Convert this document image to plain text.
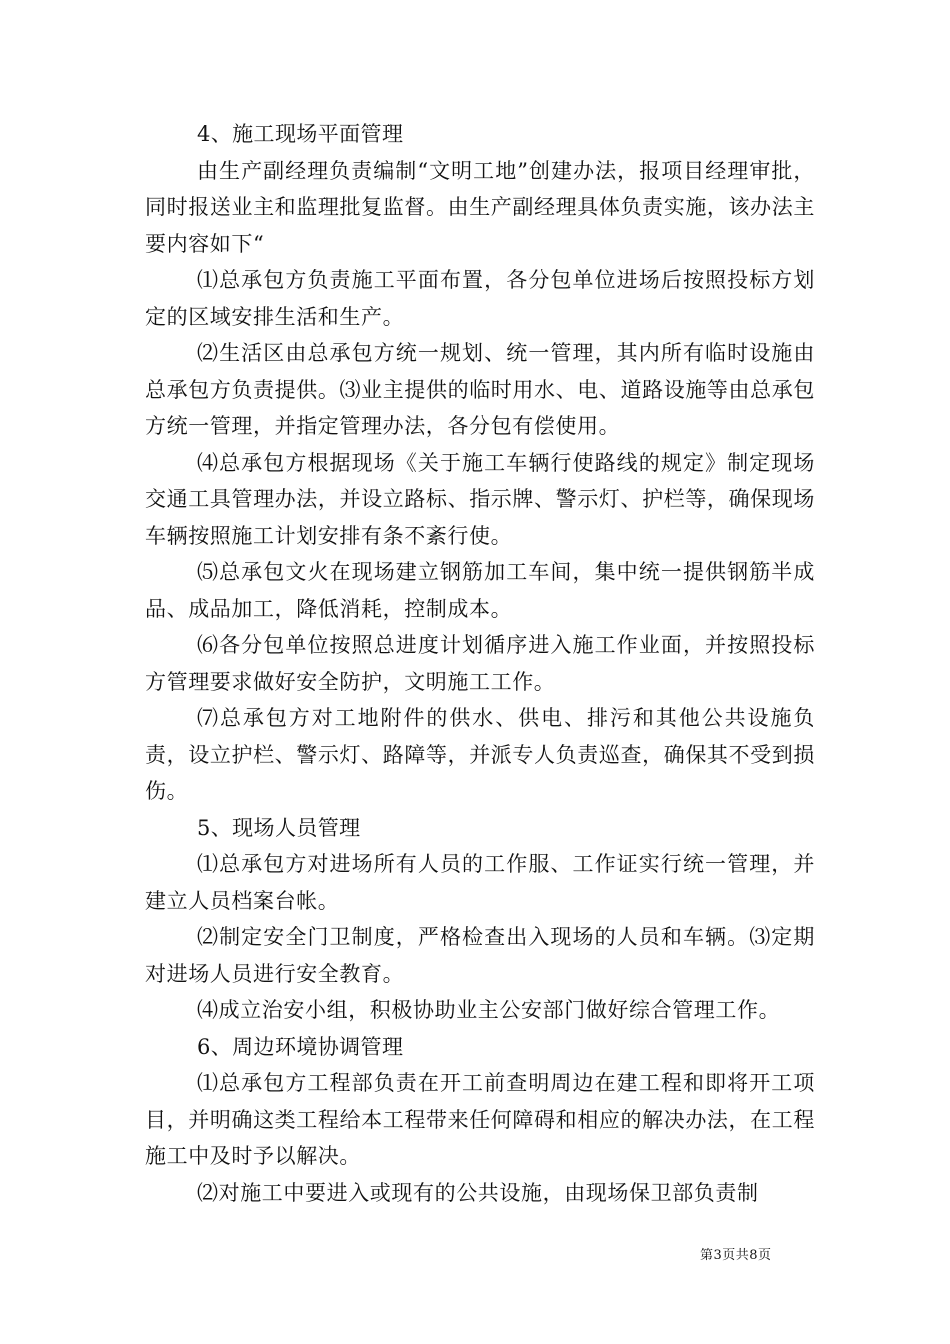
4、施工现场平面管理

由生产副经理负责编制“文明工地”创建办法，报项目经理审批，同时报送业主和监理批复监督。由生产副经理具体负责实施，该办法主要内容如下“

⑴总承包方负责施工平面布置，各分包单位进场后按照投标方划定的区域安排生活和生产。

⑵生活区由总承包方统一规划、统一管理，其内所有临时设施由总承包方负责提供。⑶业主提供的临时用水、电、道路设施等由总承包方统一管理，并指定管理办法，各分包有偿使用。

⑷总承包方根据现场《关于施工车辆行使路线的规定》制定现场交通工具管理办法，并设立路标、指示牌、警示灯、护栏等，确保现场车辆按照施工计划安排有条不紊行使。

⑸总承包文火在现场建立钢筋加工车间，集中统一提供钢筋半成品、成品加工，降低消耗，控制成本。

⑹各分包单位按照总进度计划循序进入施工作业面，并按照投标方管理要求做好安全防护，文明施工工作。

⑺总承包方对工地附件的供水、供电、排污和其他公共设施负责，设立护栏、警示灯、路障等，并派专人负责巡查，确保其不受到损伤。

5、现场人员管理

⑴总承包方对进场所有人员的工作服、工作证实行统一管理，并建立人员档案台帐。

⑵制定安全门卫制度，严格检查出入现场的人员和车辆。⑶定期对进场人员进行安全教育。

⑷成立治安小组，积极协助业主公安部门做好综合管理工作。

6、周边环境协调管理

⑴总承包方工程部负责在开工前查明周边在建工程和即将开工项目，并明确这类工程给本工程带来任何障碍和相应的解决办法，在工程施工中及时予以解决。

⑵对施工中要进入或现有的公共设施，由现场保卫部负责制

第3页共8页
